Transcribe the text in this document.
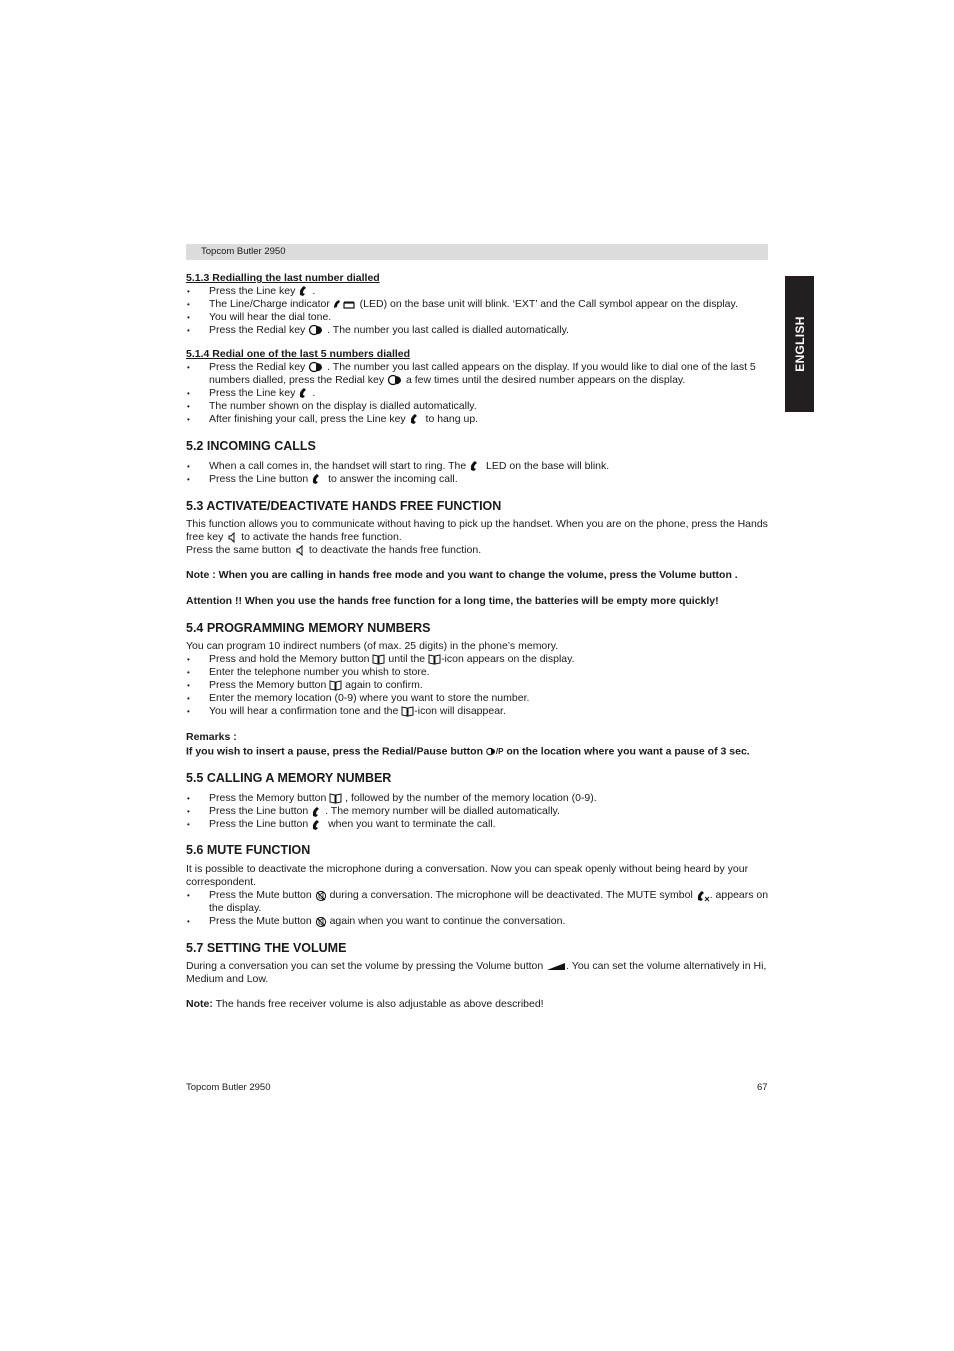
Topcom Butler 2950
ENGLISH

5.1.3 Redialling the last number dialled

• Press the Line key .
• The Line/Charge indicator	(LED) on the base unit will blink. ‘EXT’ and the Call symbol appear on the display.
• You will hear the dial tone.
• Press the Redial key . The number you last called is dialled automatically.

5.1.4 Redial one of the last 5 numbers dialled

• Press the Redial key . The number you last called appears on the display. If you would like to dial one of the last 5 numbers dialled, press the Redial key a few times until the desired number appears on the display.
• Press the Line key .
• The number shown on the display is dialled automatically.
• After finishing your call, press the Line key to hang up.

5.2 INCOMING CALLS

• When a call comes in, the handset will start to ring. The LED on the base will blink.
• Press the Line button to answer the incoming call.

5.3 ACTIVATE/DEACTIVATE HANDS FREE FUNCTION

This function allows you to communicate without having to pick up the handset. When you are on the phone, press the Hands free key to activate the hands free function.

Press the same button to deactivate the hands free function.

Note : When you are calling in hands free mode and you want to change the volume, press the Volume button .

Attention !! When you use the hands free function for a long time, the batteries will be empty more quickly!

5.4 PROGRAMMING MEMORY NUMBERS

You can program 10 indirect numbers (of max. 25 digits) in the phone’s memory.

• Press and hold the Memory button until the -icon appears on the display.
• Enter the telephone number you whish to store.
• Press the Memory button again to confirm.
• Enter the memory location (0-9) where you want to store the number.
• You will hear a confirmation tone and the -icon will disappear.

Remarks :

If you wish to insert a pause, press the Redial/Pause button /P on the location where you want a pause of 3 sec.

5.5 CALLING A MEMORY NUMBER

• Press the Memory button , followed by the number of the memory location (0-9).
• Press the Line button . The memory number will be dialled automatically.
• Press the Line button when you want to terminate the call.

5.6 MUTE FUNCTION

It is possible to deactivate the microphone during a conversation. Now you can speak openly without being heard by your correspondent.

• Press the Mute button during a conversation. The microphone will be deactivated. The MUTE symbol . appears on the display.
• Press the Mute button again when you want to continue the conversation.

5.7 SETTING THE VOLUME

During a conversation you can set the volume by pressing the Volume button . You can set the volume alternatively in Hi, Medium and Low.

Note: The hands free receiver volume is also adjustable as above described!

Topcom Butler 2950	67
